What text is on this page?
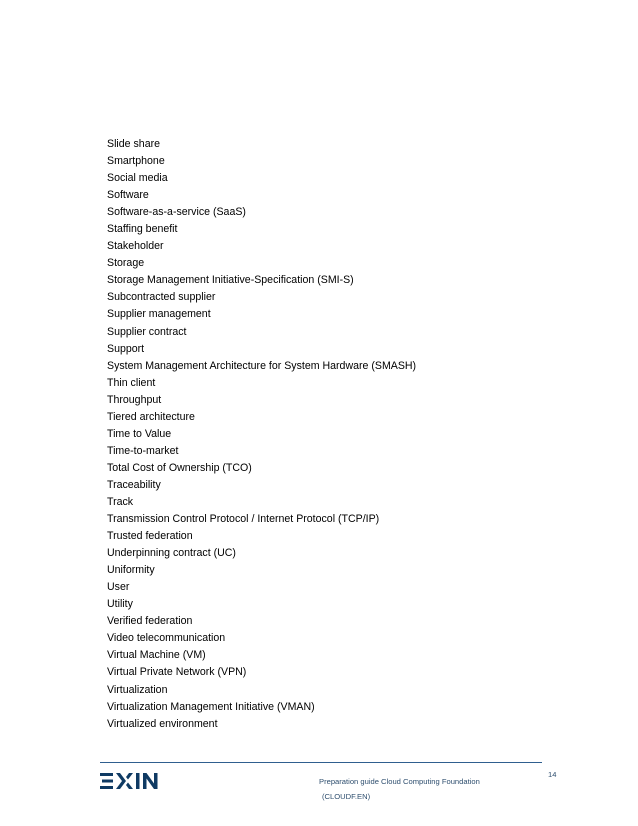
Slide share
Smartphone
Social media
Software
Software-as-a-service (SaaS)
Staffing benefit
Stakeholder
Storage
Storage Management Initiative-Specification (SMI-S)
Subcontracted supplier
Supplier management
Supplier contract
Support
System Management Architecture for System Hardware (SMASH)
Thin client
Throughput
Tiered architecture
Time to Value
Time-to-market
Total Cost of Ownership (TCO)
Traceability
Track
Transmission Control Protocol / Internet Protocol (TCP/IP)
Trusted federation
Underpinning contract (UC)
Uniformity
User
Utility
Verified federation
Video telecommunication
Virtual Machine (VM)
Virtual Private Network (VPN)
Virtualization
Virtualization Management Initiative (VMAN)
Virtualized environment
Preparation guide Cloud Computing Foundation
(CLOUDF.EN)
14
